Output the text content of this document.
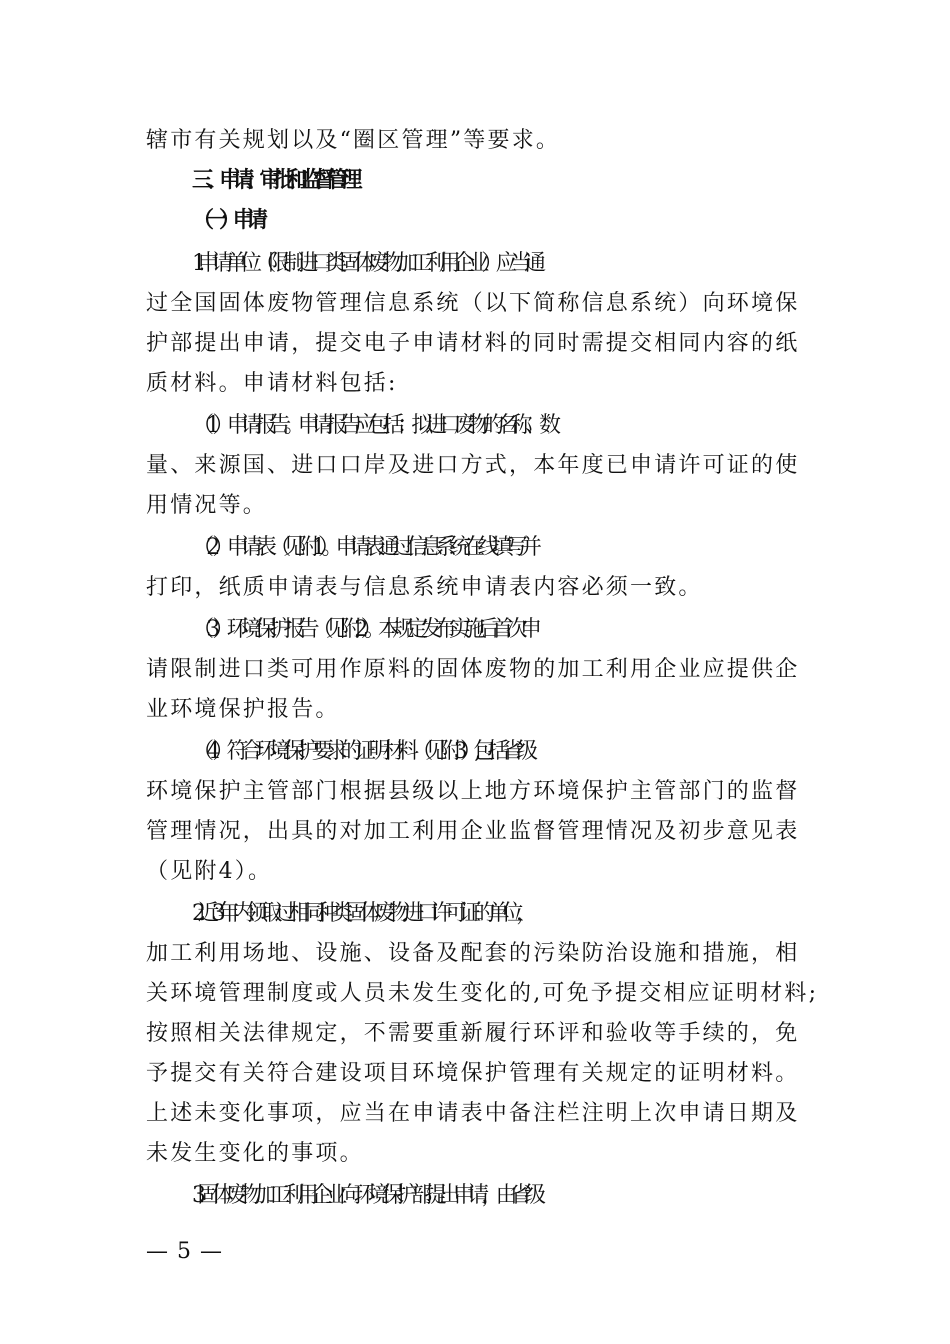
辖市有关规划以及“圈区管理”等要求。
三、申请、审批和监督管理
（一）申请
1.申请单位（限制进口类固体废物加工利用企业）应当通
过全国固体废物管理信息系统（以下简称信息系统）向环境保
护部提出申请，提交电子申请材料的同时需提交相同内容的纸
质材料。申请材料包括:
（1）申请报告。申请报告应包括：拟进口废物的名称、数
量、来源国、进口口岸及进口方式，本年度已申请许可证的使
用情况等。
（2）申请表（见附1）。申请表通过信息系统在线填写并
打印，纸质申请表与信息系统申请表内容必须一致。
（3）环境保护报告（见附2）。本规定发布实施后首次申
请限制进口类可用作原料的固体废物的加工利用企业应提供企
业环境保护报告。
（4）符合环境保护要求的证明材料（见附3）,包括省级
环境保护主管部门根据县级以上地方环境保护主管部门的监督
管理情况，出具的对加工利用企业监督管理情况及初步意见表
（见附4）。
2.近3年内领取过相同种类固体废物进口许可证的单位，
加工利用场地、设施、设备及配套的污染防治设施和措施，相
关环境管理制度或人员未发生变化的,可免予提交相应证明材料;
按照相关法律规定，不需要重新履行环评和验收等手续的，免
予提交有关符合建设项目环境保护管理有关规定的证明材料。
上述未变化事项，应当在申请表中备注栏注明上次申请日期及
未发生变化的事项。
3.固体废物加工利用企业向环境保护部提出申请，由省级
— 5 —
